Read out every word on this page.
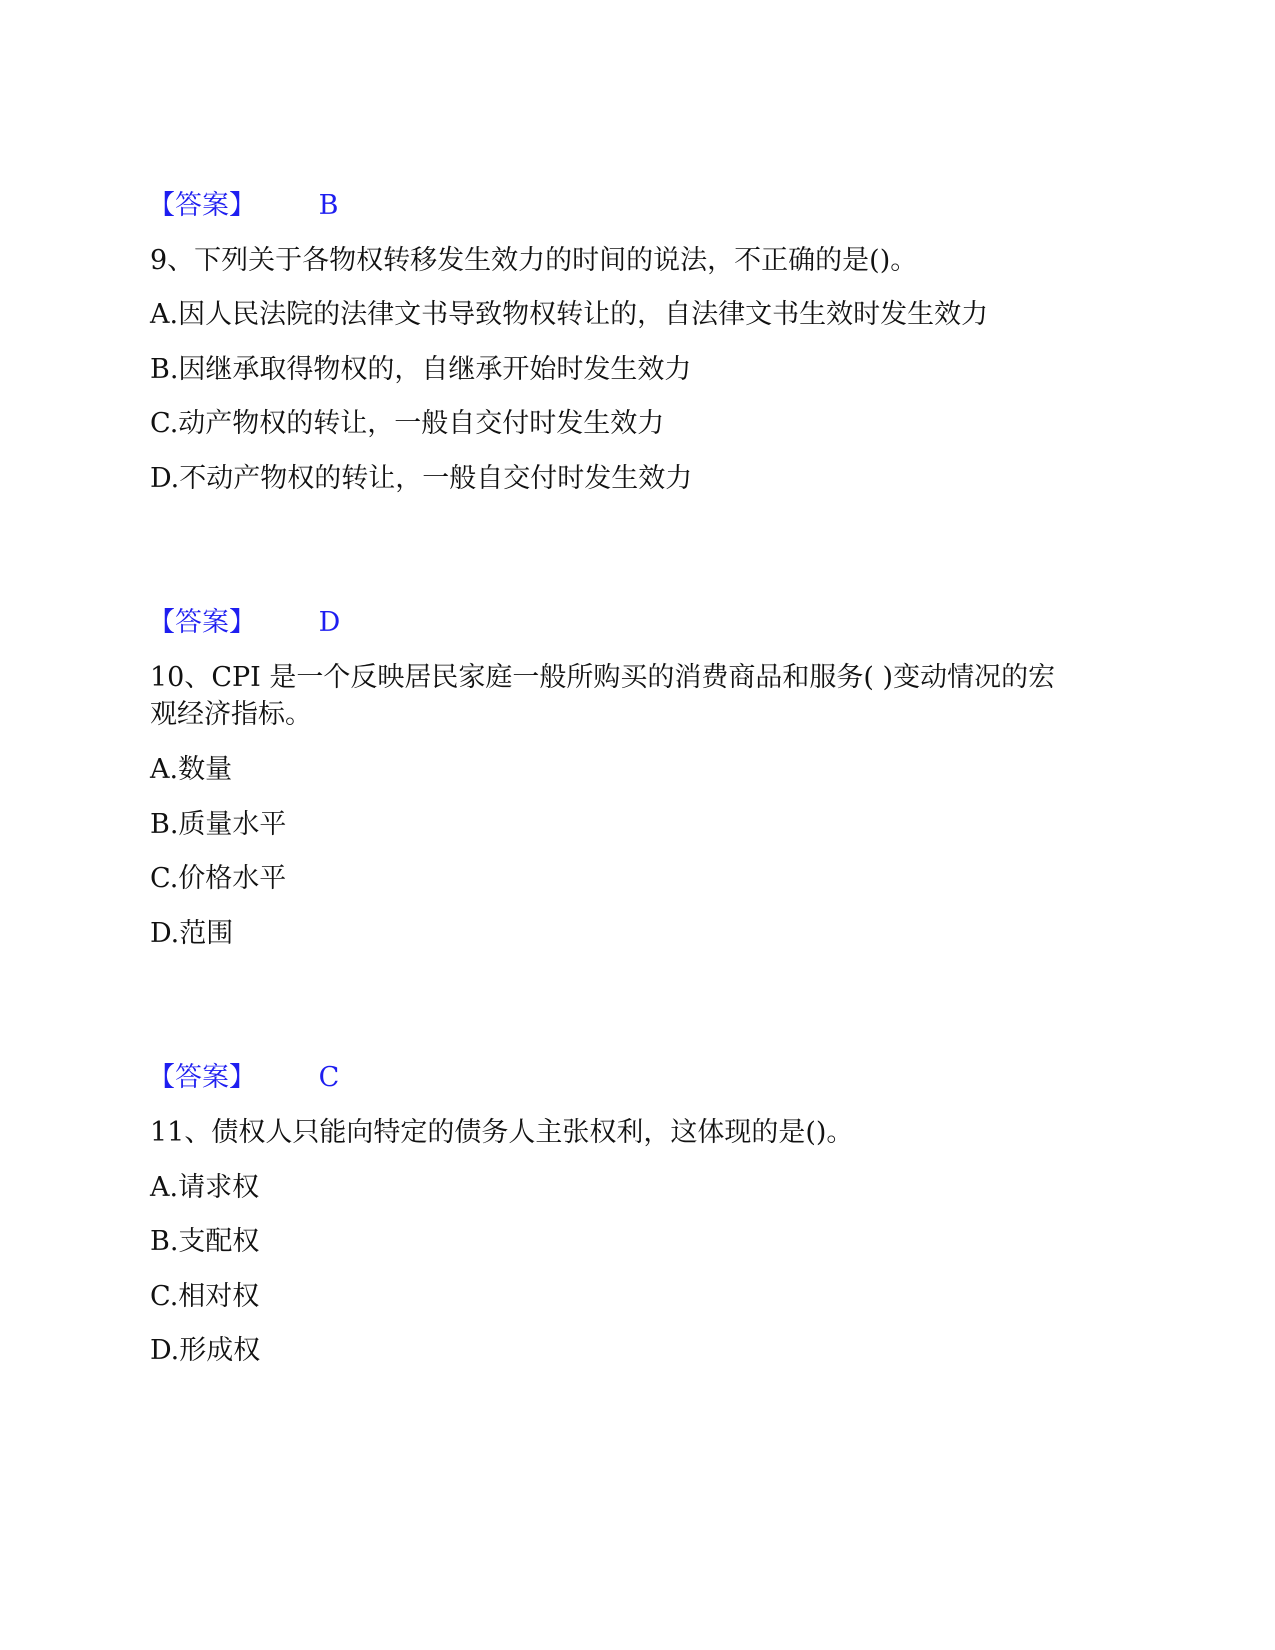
【答案】 B
9、下列关于各物权转移发生效力的时间的说法，不正确的是()。
A.因人民法院的法律文书导致物权转让的，自法律文书生效时发生效力
B.因继承取得物权的，自继承开始时发生效力
C.动产物权的转让，一般自交付时发生效力
D.不动产物权的转让，一般自交付时发生效力
【答案】 D
10、CPI 是一个反映居民家庭一般所购买的消费商品和服务( )变动情况的宏
观经济指标。
A.数量
B.质量水平
C.价格水平
D.范围
【答案】 C
11、债权人只能向特定的债务人主张权利，这体现的是()。
A.请求权
B.支配权
C.相对权
D.形成权
